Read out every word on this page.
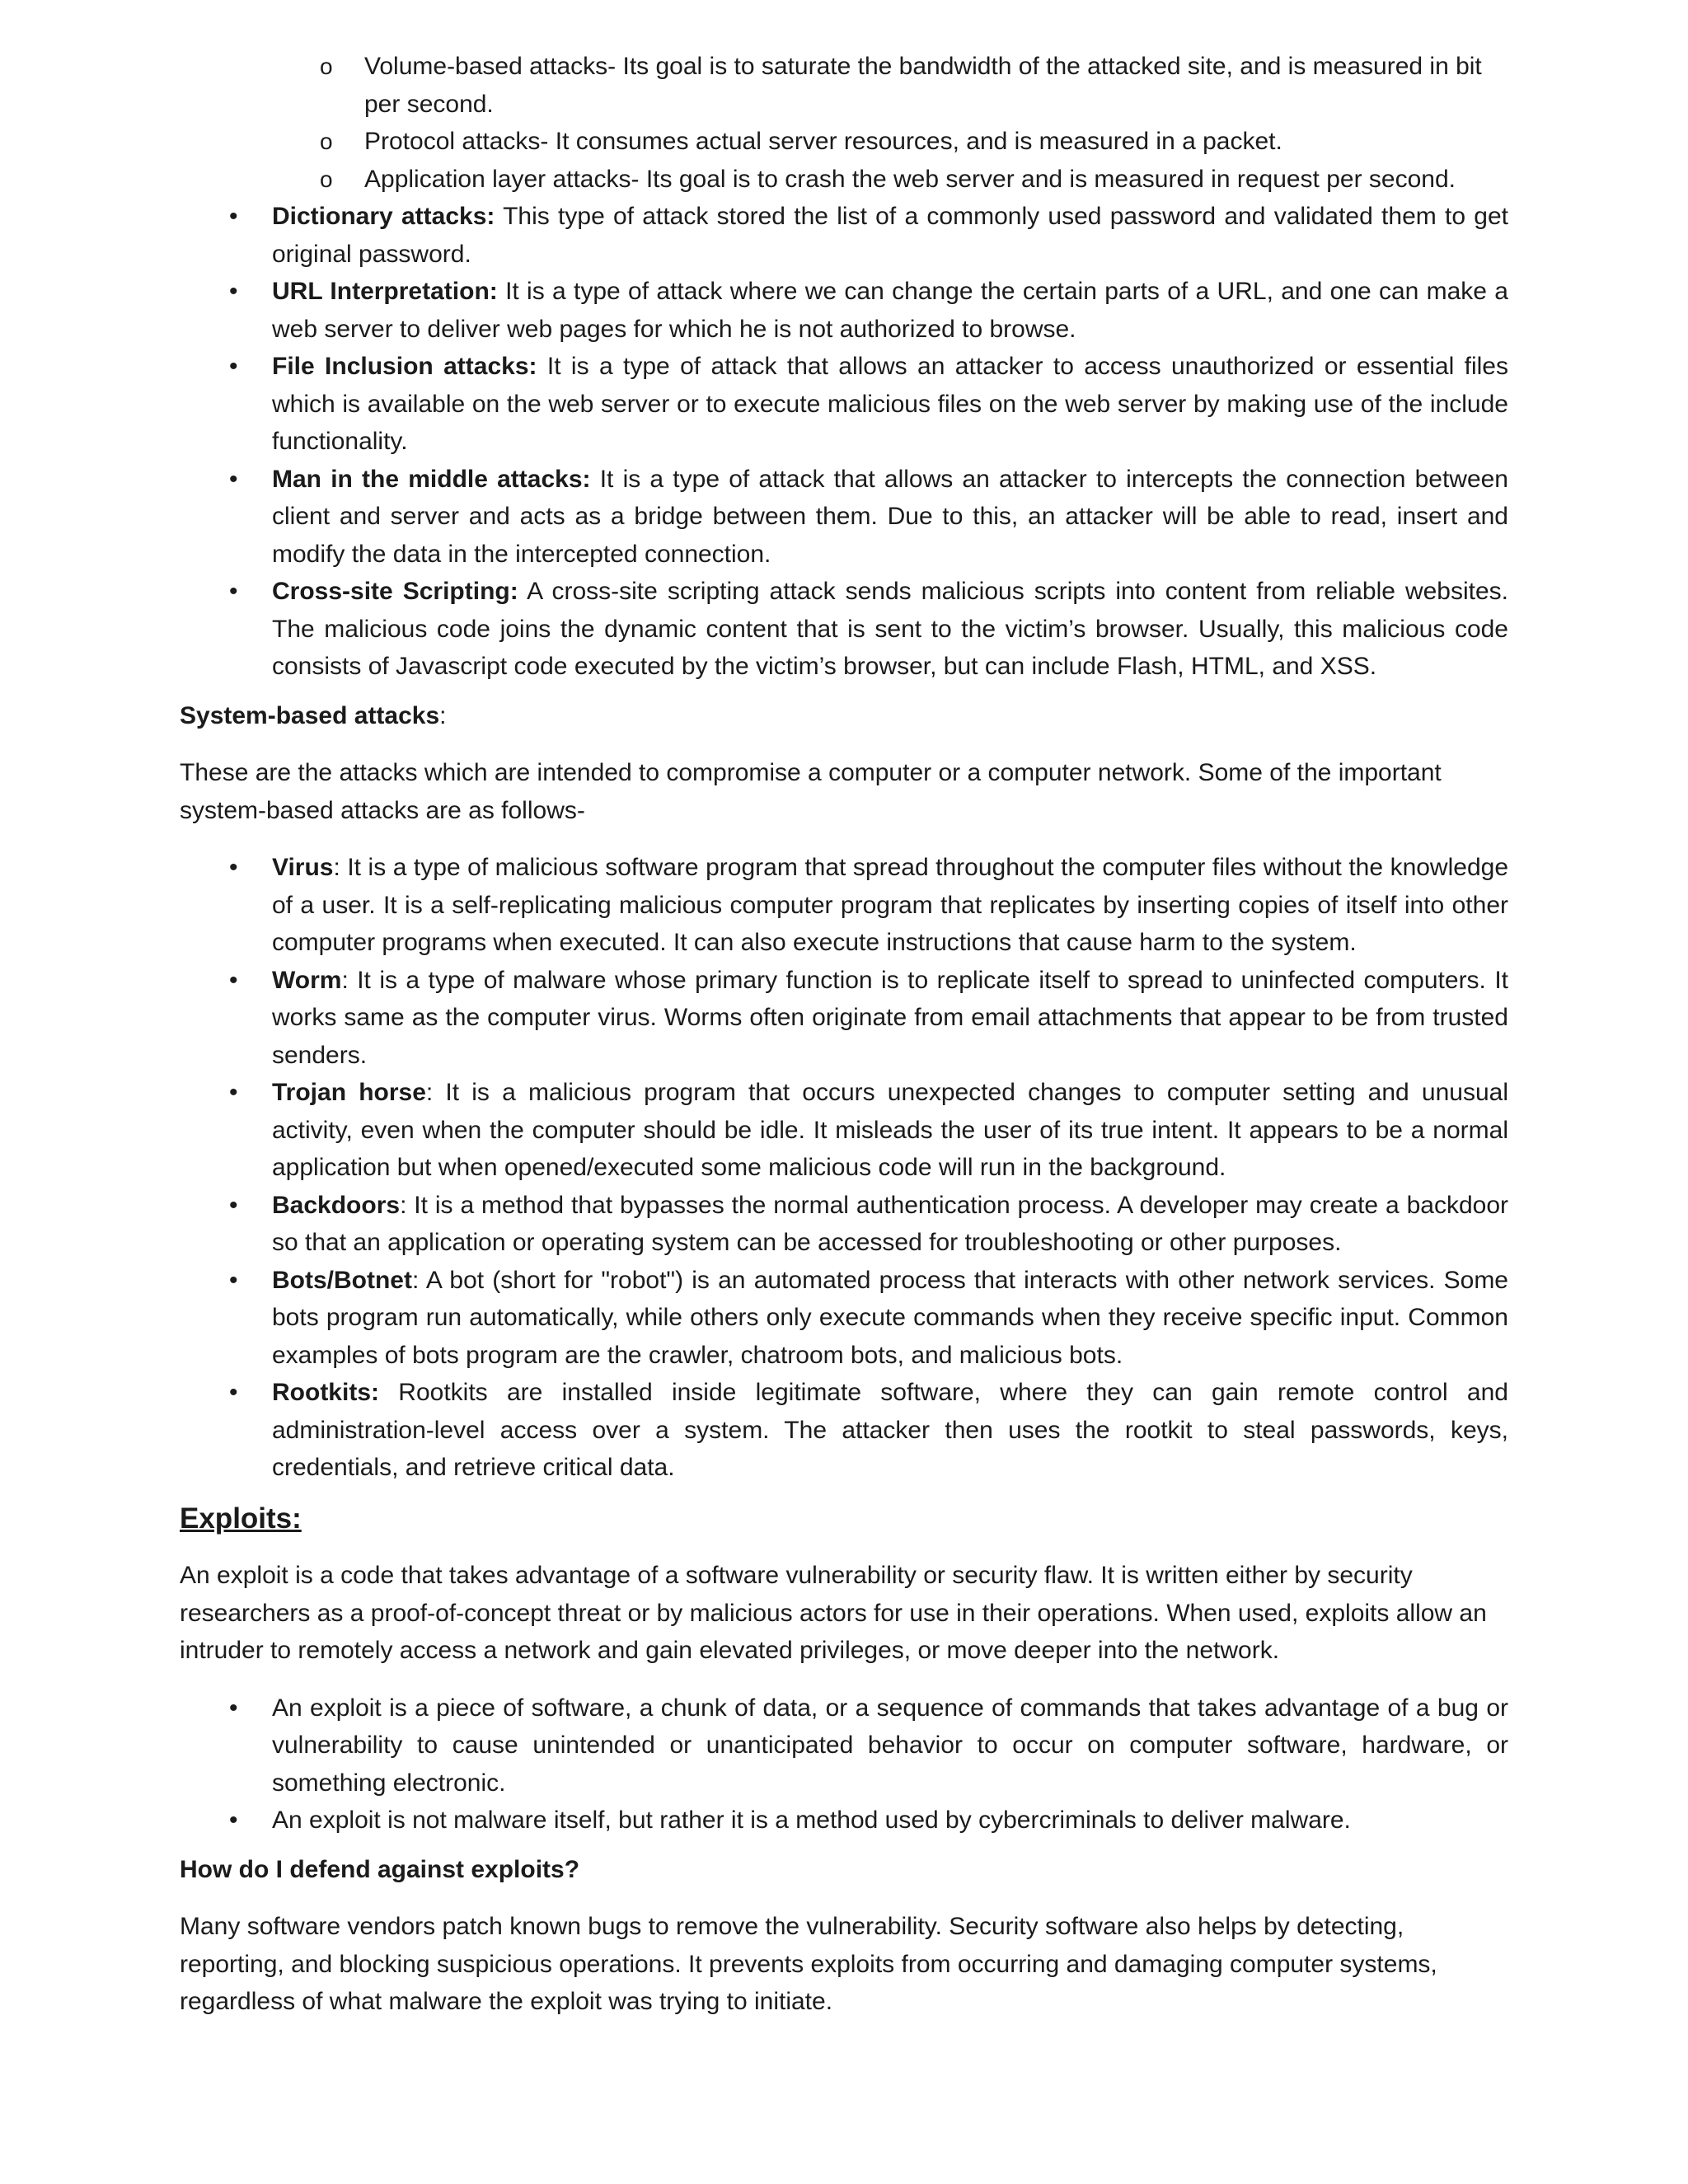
o Volume-based attacks- Its goal is to saturate the bandwidth of the attacked site, and is measured in bit per second.
o Protocol attacks- It consumes actual server resources, and is measured in a packet.
o Application layer attacks- Its goal is to crash the web server and is measured in request per second.
• Dictionary attacks: This type of attack stored the list of a commonly used password and validated them to get original password.
• URL Interpretation: It is a type of attack where we can change the certain parts of a URL, and one can make a web server to deliver web pages for which he is not authorized to browse.
• File Inclusion attacks: It is a type of attack that allows an attacker to access unauthorized or essential files which is available on the web server or to execute malicious files on the web server by making use of the include functionality.
• Man in the middle attacks: It is a type of attack that allows an attacker to intercepts the connection between client and server and acts as a bridge between them. Due to this, an attacker will be able to read, insert and modify the data in the intercepted connection.
• Cross-site Scripting: A cross-site scripting attack sends malicious scripts into content from reliable websites. The malicious code joins the dynamic content that is sent to the victim’s browser. Usually, this malicious code consists of Javascript code executed by the victim’s browser, but can include Flash, HTML, and XSS.

System-based attacks:

These are the attacks which are intended to compromise a computer or a computer network. Some of the important system-based attacks are as follows-

• Virus: It is a type of malicious software program that spread throughout the computer files without the knowledge of a user. It is a self-replicating malicious computer program that replicates by inserting copies of itself into other computer programs when executed. It can also execute instructions that cause harm to the system.
• Worm: It is a type of malware whose primary function is to replicate itself to spread to uninfected computers. It works same as the computer virus. Worms often originate from email attachments that appear to be from trusted senders.
• Trojan horse: It is a malicious program that occurs unexpected changes to computer setting and unusual activity, even when the computer should be idle. It misleads the user of its true intent. It appears to be a normal application but when opened/executed some malicious code will run in the background.
• Backdoors: It is a method that bypasses the normal authentication process. A developer may create a backdoor so that an application or operating system can be accessed for troubleshooting or other purposes.
• Bots/Botnet: A bot (short for "robot") is an automated process that interacts with other network services. Some bots program run automatically, while others only execute commands when they receive specific input. Common examples of bots program are the crawler, chatroom bots, and malicious bots.
• Rootkits: Rootkits are installed inside legitimate software, where they can gain remote control and administration-level access over a system. The attacker then uses the rootkit to steal passwords, keys, credentials, and retrieve critical data.

Exploits:

An exploit is a code that takes advantage of a software vulnerability or security flaw. It is written either by security researchers as a proof-of-concept threat or by malicious actors for use in their operations. When used, exploits allow an intruder to remotely access a network and gain elevated privileges, or move deeper into the network.

• An exploit is a piece of software, a chunk of data, or a sequence of commands that takes advantage of a bug or vulnerability to cause unintended or unanticipated behavior to occur on computer software, hardware, or something electronic.
• An exploit is not malware itself, but rather it is a method used by cybercriminals to deliver malware.

How do I defend against exploits?

Many software vendors patch known bugs to remove the vulnerability. Security software also helps by detecting, reporting, and blocking suspicious operations. It prevents exploits from occurring and damaging computer systems, regardless of what malware the exploit was trying to initiate.
